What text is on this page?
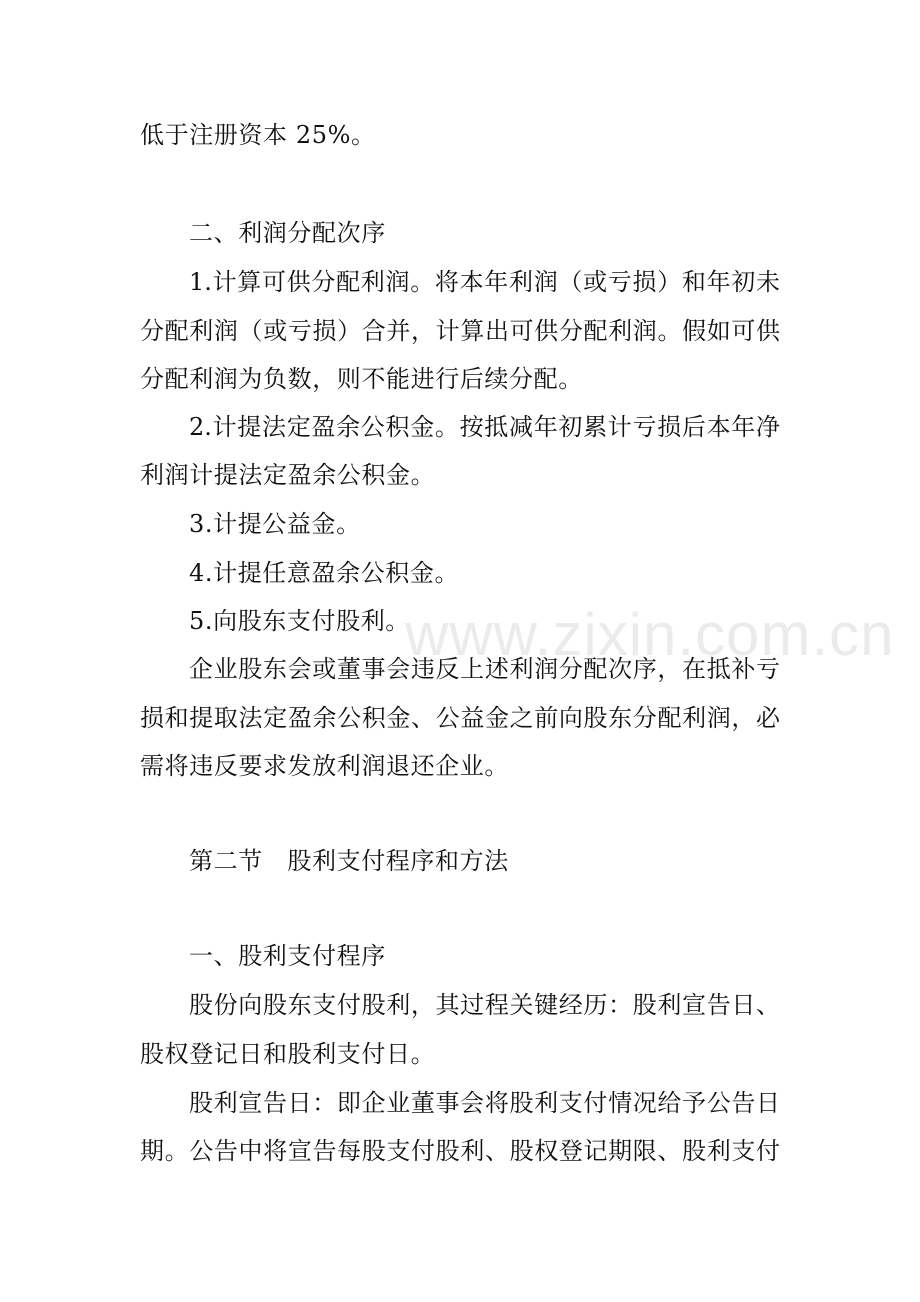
低于注册资本 25%。
二、利润分配次序
1.计算可供分配利润。将本年利润（或亏损）和年初未
分配利润（或亏损）合并，计算出可供分配利润。假如可供
分配利润为负数，则不能进行后续分配。
2.计提法定盈余公积金。按抵减年初累计亏损后本年净
利润计提法定盈余公积金。
3.计提公益金。
4.计提任意盈余公积金。
5.向股东支付股利。
企业股东会或董事会违反上述利润分配次序，在抵补亏
损和提取法定盈余公积金、公益金之前向股东分配利润，必
需将违反要求发放利润退还企业。
第二节　股利支付程序和方法
一、股利支付程序
股份向股东支付股利，其过程关键经历：股利宣告日、
股权登记日和股利支付日。
股利宣告日：即企业董事会将股利支付情况给予公告日
期。公告中将宣告每股支付股利、股权登记期限、股利支付
www.zixin.com.cn
